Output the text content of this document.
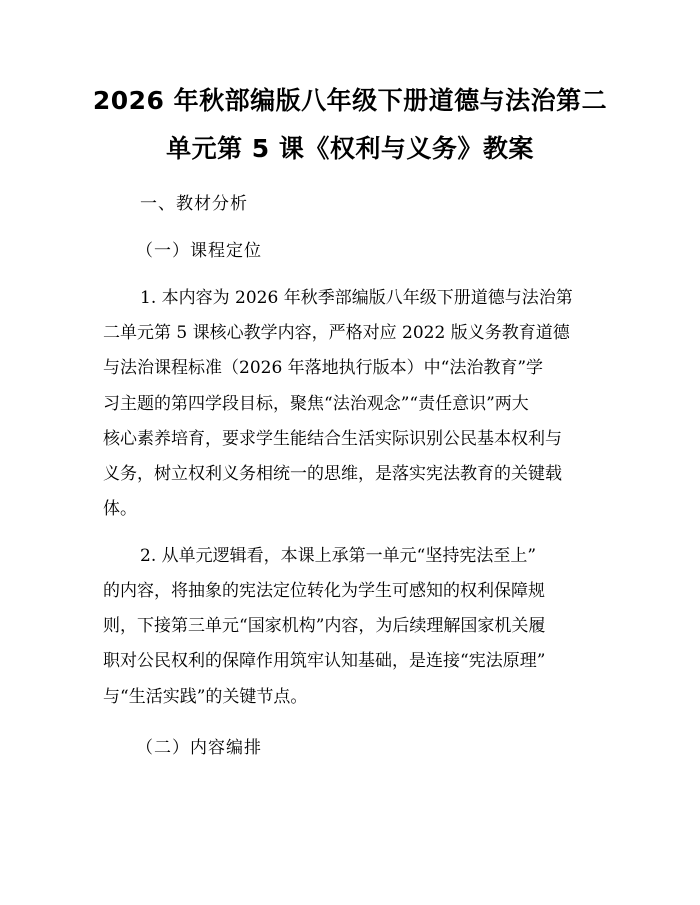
2026 年秋部编版八年级下册道德与法治第二
单元第 5 课《权利与义务》教案
一、教材分析
（一）课程定位
1. 本内容为 2026 年秋季部编版八年级下册道德与法治第
二单元第 5 课核心教学内容，严格对应 2022 版义务教育道德
与法治课程标准（2026 年落地执行版本）中“法治教育”学
习主题的第四学段目标，聚焦“法治观念”“责任意识”两大
核心素养培育，要求学生能结合生活实际识别公民基本权利与
义务，树立权利义务相统一的思维，是落实宪法教育的关键载
体。
2. 从单元逻辑看，本课上承第一单元“坚持宪法至上”
的内容，将抽象的宪法定位转化为学生可感知的权利保障规
则，下接第三单元“国家机构”内容，为后续理解国家机关履
职对公民权利的保障作用筑牢认知基础，是连接“宪法原理”
与“生活实践”的关键节点。
（二）内容编排
